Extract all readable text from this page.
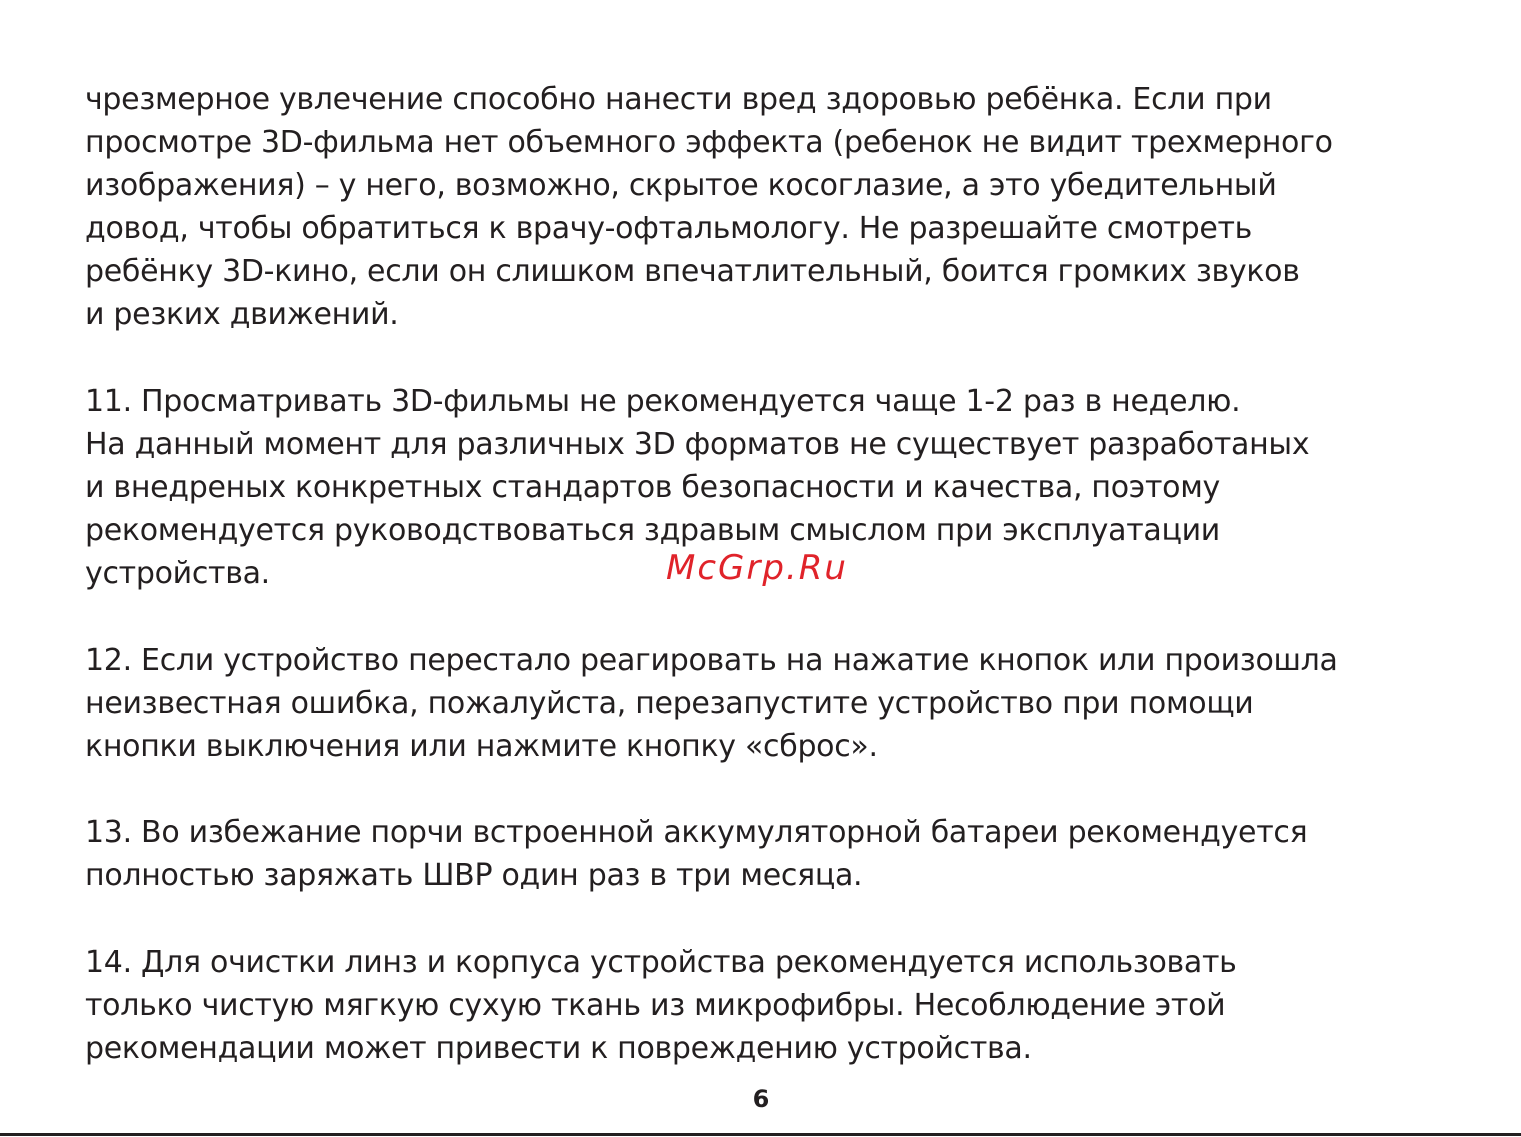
чрезмерное увлечение способно нанести вред здоровью ребёнка. Если при
просмотре 3D-фильма нет объемного эффекта (ребенок не видит трехмерного
изображения) – у него, возможно, скрытое косоглазие, а это убедительный
довод, чтобы обратиться к врачу-офтальмологу. Не разрешайте смотреть
ребёнку 3D-кино, если он слишком впечатлительный, боится громких звуков
и резких движений.
11. Просматривать 3D-фильмы не рекомендуется чаще 1-2 раз в неделю.
На данный момент для различных 3D форматов не существует разработаных
и внедреных конкретных стандартов безопасности и качества, поэтому
рекомендуется руководствоваться здравым смыслом при эксплуатации
устройства.	McGrp.Ru
12. Если устройство перестало реагировать на нажатие кнопок или произошла
неизвестная ошибка, пожалуйста, перезапустите устройство при помощи
кнопки выключения или нажмите кнопку «сброс».
13. Во избежание порчи встроенной аккумуляторной батареи рекомендуется
полностью заряжать ШВР один раз в три месяца.
14. Для очистки линз и корпуса устройства рекомендуется использовать
только чистую мягкую сухую ткань из микрофибры. Несоблюдение этой
рекомендации может привести к повреждению устройства.
6
